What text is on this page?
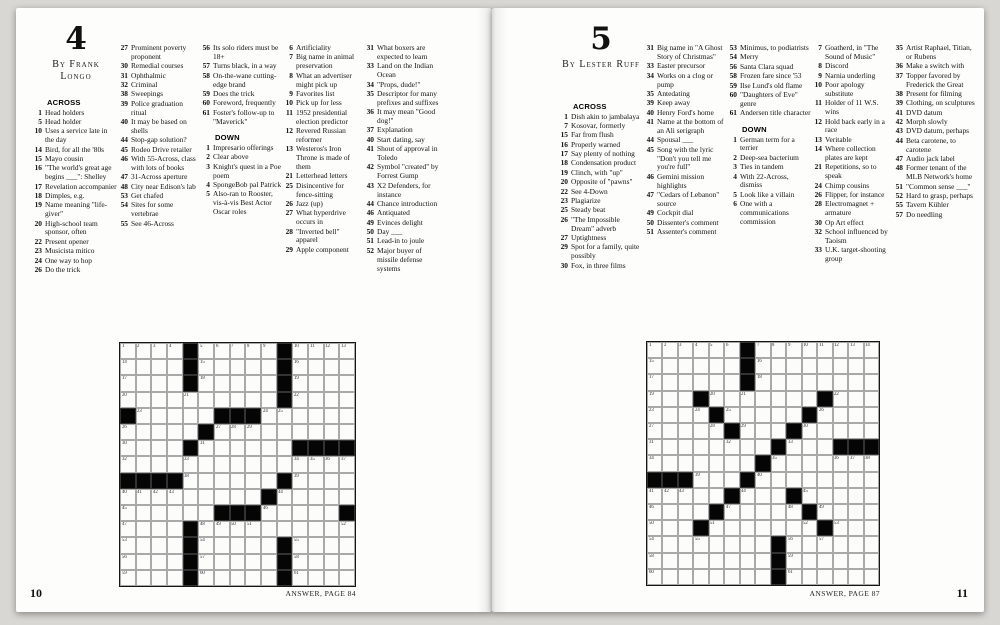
4
By Frank Longo
ACROSS
1 Head holders
5 Head holder
10 Uses a service late in the day
14 Bird, for all the '80s
15 Mayo cousin
16 "The world's great age begins ___": Shelley
17 Revelation accompanier
18 Dimples, e.g.
19 Name meaning "life-giver"
20 High-school team sponsor, often
22 Present opener
23 Musicista mitico
24 One way to hop
26 Do the trick
27 Prominent poverty proponent
30 Remedial courses
31 Ophthalmic
32 Criminal
38 Sweepings
39 Police graduation ritual
40 It may be based on shells
44 Stop-gap solution?
45 Rodeo Drive retailer
46 With 55-Across, class with lots of books
47 31-Across aperture
48 City near Edison's lab
53 Get chafed
54 Sites for some vertebrae
55 See 46-Across
56 Its solo riders must be 18+
57 Turns black, in a way
58 On-the-wane cutting-edge brand
59 Does the trick
60 Foreword, frequently
61 Foster's follow-up to "Maverick"
DOWN
1 Impresario offerings
2 Clear above
3 Knight's quest in a Poe poem
4 SpongeBob pal Patrick
5 Also-ran to Rooster, vis-à-vis Best Actor Oscar roles
6 Artificiality
7 Big name in animal preservation
8 What an advertiser might pick up
9 Favorites list
10 Pick up for less
11 1952 presidential election predictor
12 Revered Russian reformer
13 Westeros's Iron Throne is made of them
21 Letterhead letters
25 Disincentive for fence-sitting
26 Jazz (up)
27 What hyperdrive occurs in
28 "Inverted bell" apparel
29 Apple component
31 What boxers are expected to learn
33 Land on the Indian Ocean
34 "Props, dude!"
35 Descriptor for many prefixes and suffixes
36 It may mean "Good dog!"
37 Explanation
40 Start dating, say
41 Shout of approval in Toledo
42 Symbol "created" by Forrest Gump
43 X2 Defenders, for instance
44 Chance introduction
46 Antiquated
49 Evinces delight
50 Day ___
51 Lead-in to joule
52 Major buyer of missile defense systems
1 2 3 4	5 6 7 8 9	10 11 12 13
14	15	16
17	18	19
20	21	22
23	24 25
26	27 28 29
30	31
32	33	34 35 36 37
38	39
40 41 42 43	44
45	46
47	48 49 50 51	52
53	54	55
56	57	58
59	60	61
ANSWER, PAGE 84
10
5
By Lester Ruff
ACROSS
1 Dish akin to jambalaya
7 Kosovar, formerly
15 Far from flush
16 Properly warned
17 Say plenty of nothing
18 Condensation product
19 Clinch, with "up"
20 Opposite of "pawns"
22 See 4-Down
23 Plagiarize
25 Steady beat
26 "The Impossible Dream" adverb
27 Uptightness
29 Spot for a family, quite possibly
30 Fox, in three films
31 Big name in "A Ghost Story of Christmas"
33 Easter precursor
34 Works on a clog or pump
35 Antedating
39 Keep away
40 Henry Ford's home
41 Name at the bottom of an Ali serigraph
44 Spousal ___
45 Song with the lyric "Don't you tell me you're full"
46 Gemini mission highlights
47 "Cedars of Lebanon" source
49 Cockpit dial
50 Dissenter's comment
51 Assenter's comment
53 Minimus, to podiatrists
54 Merry
56 Santa Clara squad
58 Frozen fare since '53
59 Ilse Lund's old flame
60 "Daughters of Eve" genre
61 Andersen title character
DOWN
1 German term for a terrier
2 Deep-sea bacterium
3 Ties in tandem
4 With 22-Across, dismiss
5 Look like a villain
6 One with a communications commission
7 Goatherd, in "The Sound of Music"
8 Discord
9 Narnia underling
10 Poor apology substitute
11 Holder of 11 W.S. wins
12 Hold back early in a race
13 Veritable
14 Where collection plates are kept
21 Repetitions, so to speak
24 Chimp cousins
26 Flipper, for instance
28 Electromagnet + armature
30 Op Art effect
32 School influenced by Taoism
33 U.K. target-shooting group
35 Artist Raphael, Titian, or Rubens
36 Make a switch with
37 Topper favored by Frederick the Great
38 Present for filming
39 Clothing, on sculptures
41 DVD datum
42 Morph slowly
43 DVD datum, perhaps
44 Beta carotene, to carotene
47 Audio jack label
48 Former tenant of the MLB Network's home
51 "Common sense ___"
52 Hard to grasp, perhaps
55 Tavern Kühler
57 Do needling
1 2 3 4 5 6	7 8 9 10 11 12 13 14
15	16
17	18
19	20	21	22
23	24	25	26
27	28	29	30
31	32	33
34	35	36 37 38
39	40
41 42 43	44	45
46	47	48	49
50	51	52	53
54	55	56	57
58	59
60	61
ANSWER, PAGE 87	11
